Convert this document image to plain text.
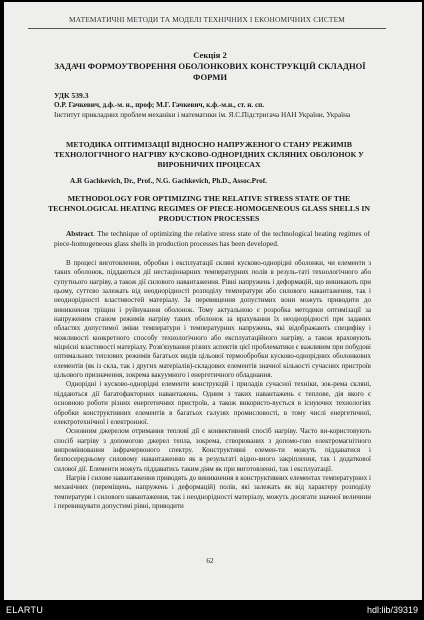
МАТЕМАТИЧНІ МЕТОДИ ТА МОДЕЛІ ТЕХНІЧНИХ І ЕКОНОМІЧНИХ СИСТЕМ
Секція 2
ЗАДАЧІ ФОРМОУТВОРЕННЯ ОБОЛОНКОВИХ КОНСТРУКЦІЙ СКЛАДНОЇ ФОРМИ
УДК 539.3
О.Р. Гачкевич, д.ф.-м. н., проф; М.Г. Гачкевич, к.ф.-м.н., ст. н. сп.
Інститут прикладних проблем механіки і математики ім. Я.С.Підстригача НАН України, Україна
МЕТОДИКА ОПТИМІЗАЦІЇ ВІДНОСНО НАПРУЖЕНОГО СТАНУ РЕЖИМІВ ТЕХНОЛОГІЧНОГО НАГРІВУ КУСКОВО-ОДНОРІДНИХ СКЛЯНИХ ОБОЛОНОК У ВИРОБНИЧИХ ПРОЦЕСАХ
A.R Gachkevich, Dr., Prof., N.G. Gachkevich, Ph.D., Assoc.Prof.
METHODOLOGY FOR OPTIMIZING THE RELATIVE STRESS STATE OF THE TECHNOLOGICAL HEATING REGIMES OF PIECE-HOMOGENEOUS GLASS SHELLS IN PRODUCTION PROCESSES
Abstract. The technique of optimizing the relative stress state of the technological heating regimes of piece-homogeneous glass shells in production processes has been developed.

В процесі виготовлення, обробки і експлуатації скляні кусково-однорідні оболонки, чи елементи з таких оболонок, піддаються дії нестаціонарних температурних полів в резуль-таті технологічного або супутнього нагріву, а також дії силового навантаження. Рівні напружень і деформацій, що виникають при цьому, суттєво залежать від неоднорідності розподілу температури або силового навантаження, так і неоднорідності властивостей матеріалу. За перевищення допустимих вони можуть приводити до виникнення тріщин і руйнування оболонок. Тому актуальною є розробка методики оптимізації за напруженим станом режимів нагріву таких оболонок за врахування їх неоднорідності при заданих областях допустимої зміни температури і температурних напружень, які відображають специфіку і можливості конкретного способу технологічного або експлуатаційного нагріву, а також враховують міцнісні властивості матеріалу. Розв'язування різних аспектів цієї проблематики є важливим при побудові оптимальних теплових режимів багатьох видів цільової термообробки кусково-однорідних оболонкових елементів (як із скла, так і других матеріалів)-складових елементів значної кількості сучасних пристроїв цільового призначення, зокрема вакуумного і енергетичного обладнання.

Однорідні і кусково-однорідні елементи конструкцій і приладів сучасної техніки, зок-рема скляні, піддаються дії багатофакторних навантажень. Одним з таких навантажень є теплове, дія якого є основною роботи різних енергетичних пристроїв, а також використо-вується в існуючих технологіях обробки конструктивних елементів в багатьох галузях промисловості, в тому числі енергетичної, електротехнічної і електронної.

Основним джерелом отримання тепловї дії є конвективний спосіб нагріву. Часто ви-користовують спосіб нагріву з допомогою джерел тепла, зокрема, створюваних з допомо-гою електромагнітного випромінювання інфрачервоного спектру. Конструктивні елемен-ти можуть піддаватися і безпосередньому силовому навантаженню як в результаті відно-вного закріплення, так і додаткової силової дії. Елементи можуть піддаватись таким діям як при виготовленні, так і експлуатації.

Нагрів і силове навантаження приводять до виникнення в конструктивних елементах температурних і механічних (переміщень, напружень і деформацій) полів, які залежать як від характеру розподілу температури і силового навантаження, так і неоднорідності матеріалу, можуть досягати значної величини і перевищувати допустимі рівні, приводити

62
ELARTU	hdl:lib/39319
